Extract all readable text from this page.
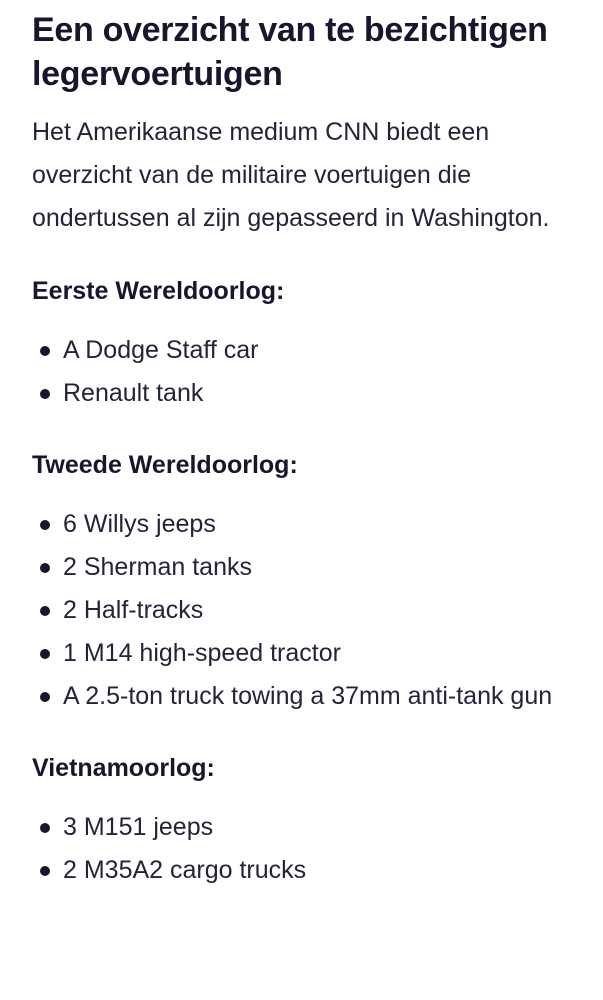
Een overzicht van te bezichtigen legervoertuigen

Het Amerikaanse medium CNN biedt een overzicht van de militaire voertuigen die ondertussen al zijn gepasseerd in Washington.

Eerste Wereldoorlog:
A Dodge Staff car
Renault tank
Tweede Wereldoorlog:
6 Willys jeeps
2 Sherman tanks
2 Half-tracks
1 M14 high-speed tractor
A 2.5-ton truck towing a 37mm anti-tank gun
Vietnamoorlog:
3 M151 jeeps
2 M35A2 cargo trucks
